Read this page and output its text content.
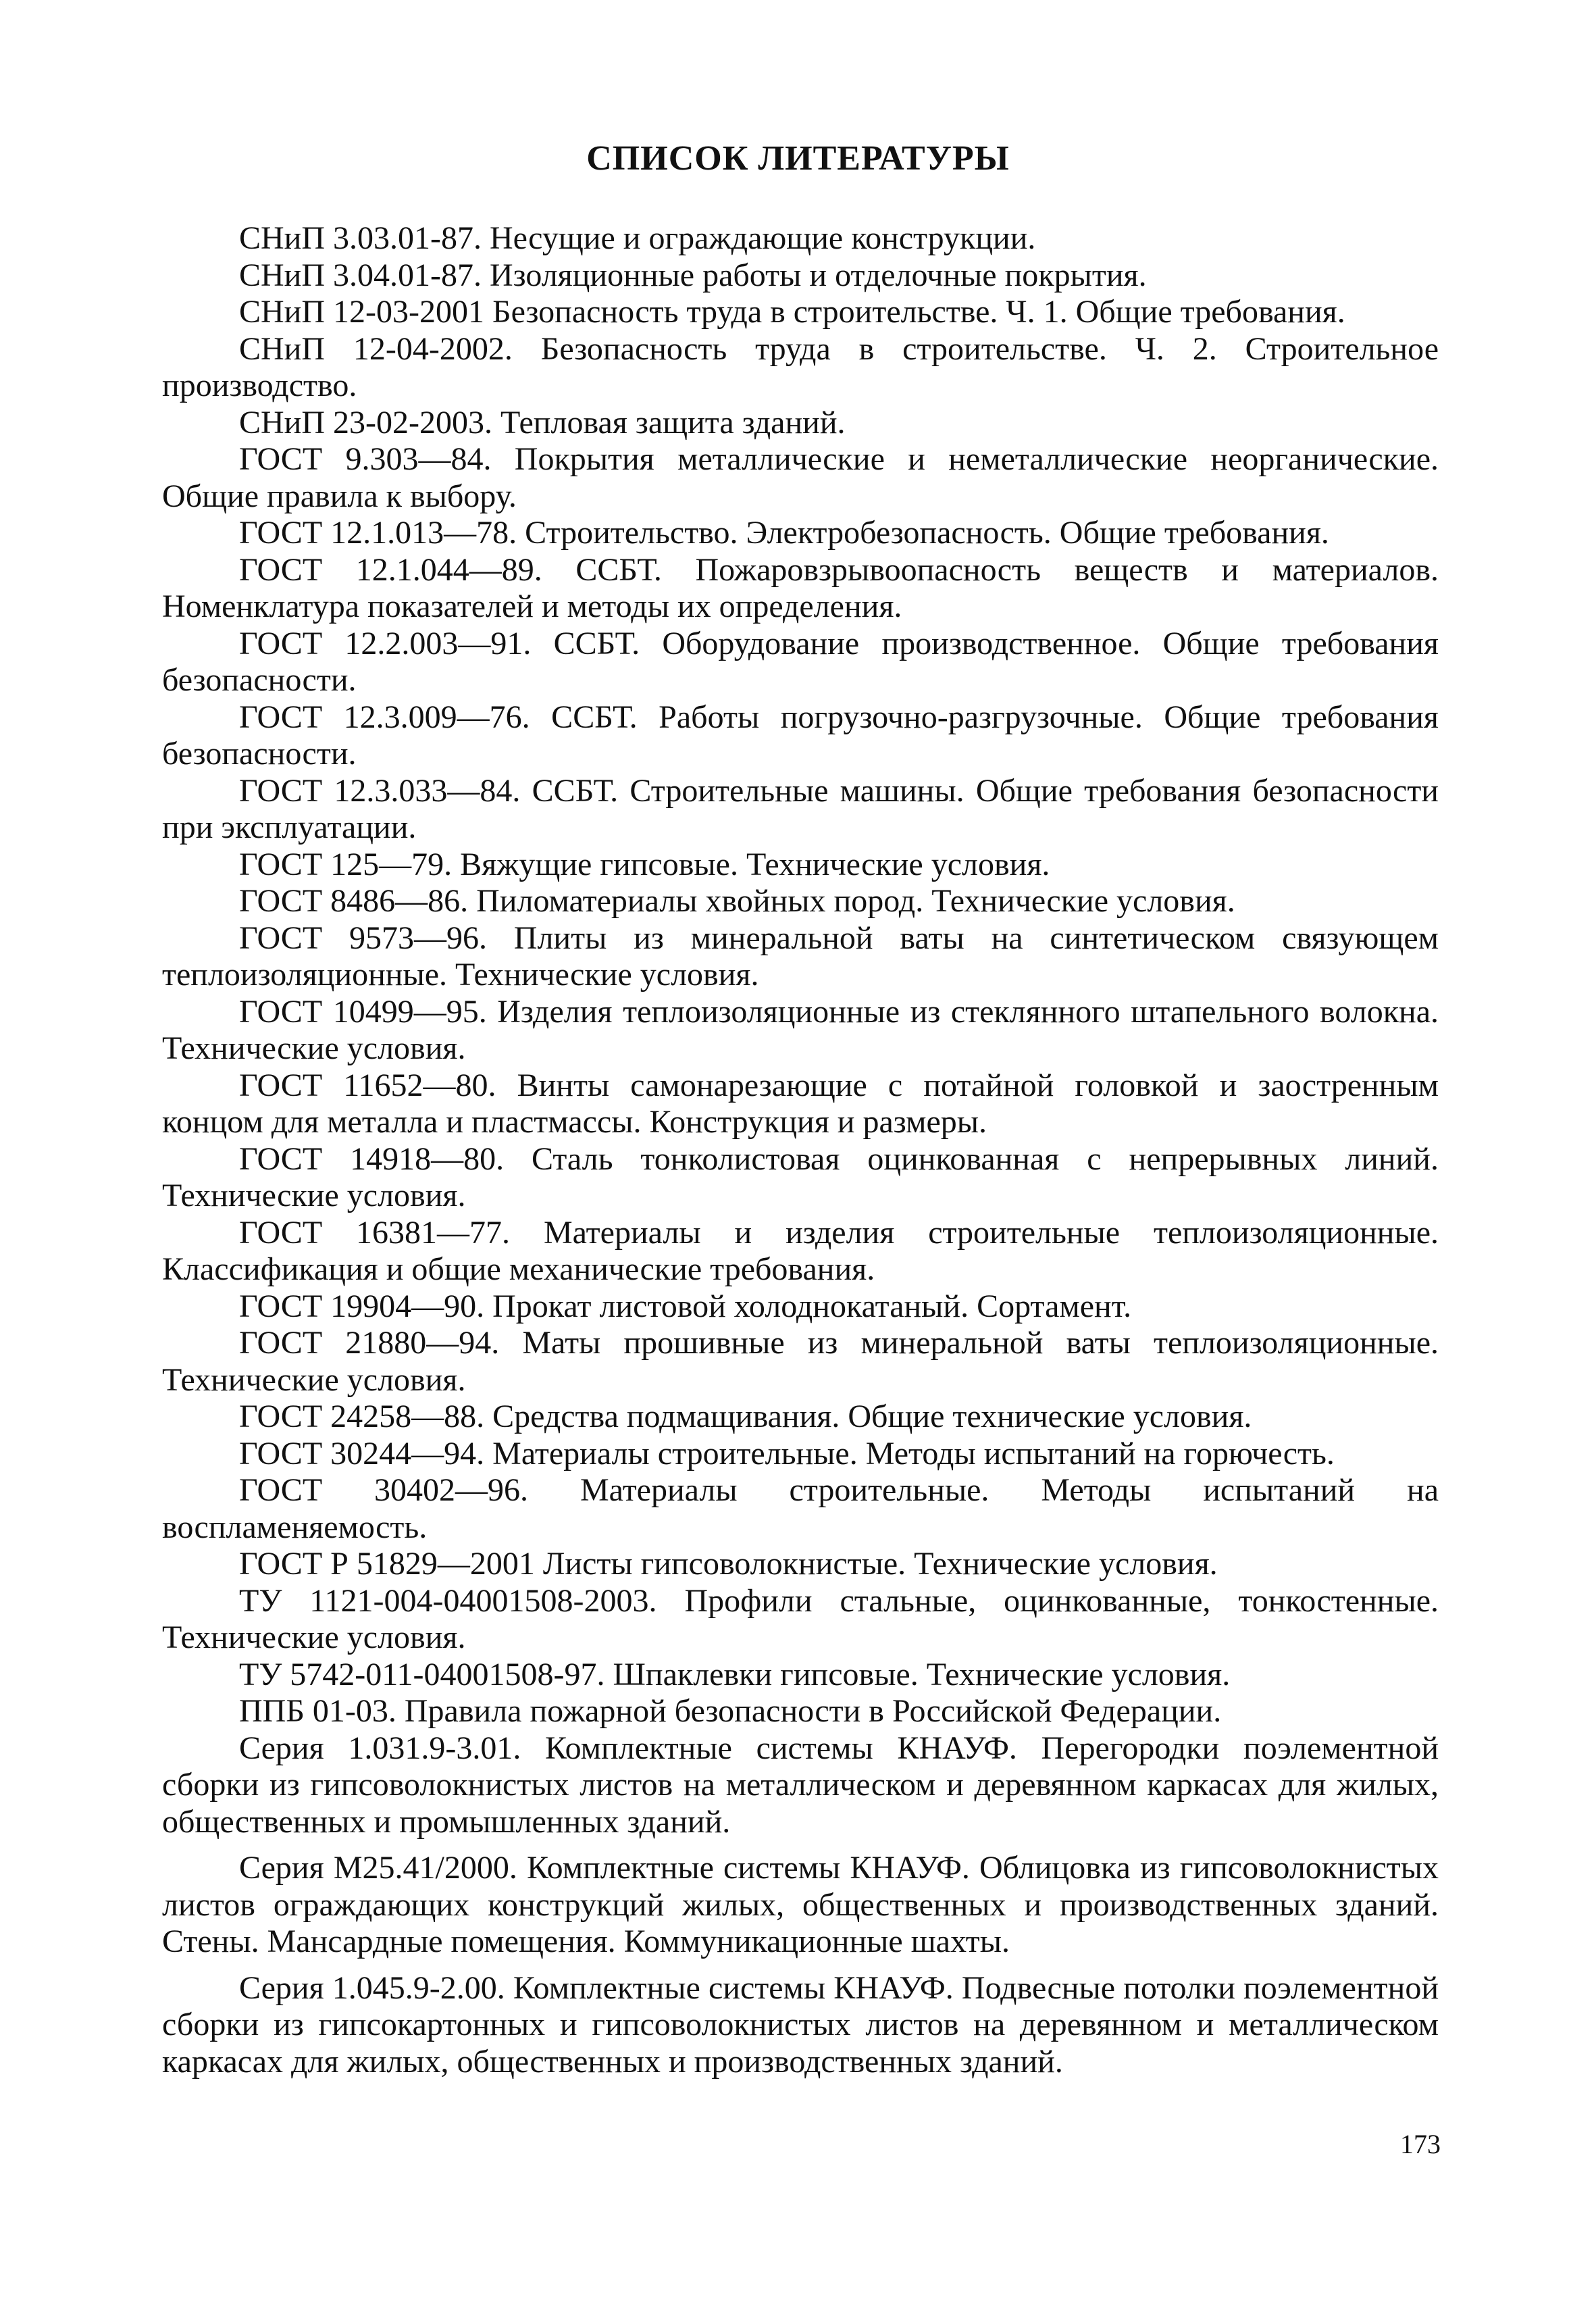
СПИСОК ЛИТЕРАТУРЫ
СНиП 3.03.01-87. Несущие и ограждающие конструкции.
СНиП 3.04.01-87. Изоляционные работы и отделочные покрытия.
СНиП 12-03-2001 Безопасность труда в строительстве. Ч. 1. Общие требования.
СНиП 12-04-2002. Безопасность труда в строительстве. Ч. 2. Строительное производство.
СНиП 23-02-2003. Тепловая защита зданий.
ГОСТ 9.303—84. Покрытия металлические и неметаллические неорганические. Общие правила к выбору.
ГОСТ 12.1.013—78. Строительство. Электробезопасность. Общие требования.
ГОСТ 12.1.044—89. ССБТ. Пожаровзрывоопасность веществ и материалов. Номенклатура показателей и методы их определения.
ГОСТ 12.2.003—91. ССБТ. Оборудование производственное. Общие требования безопасности.
ГОСТ 12.3.009—76. ССБТ. Работы погрузочно-разгрузочные. Общие требования безопасности.
ГОСТ 12.3.033—84. ССБТ. Строительные машины. Общие требования безопасности при эксплуатации.
ГОСТ 125—79. Вяжущие гипсовые. Технические условия.
ГОСТ 8486—86. Пиломатериалы хвойных пород. Технические условия.
ГОСТ 9573—96. Плиты из минеральной ваты на синтетическом связующем теплоизоляционные. Технические условия.
ГОСТ 10499—95. Изделия теплоизоляционные из стеклянного штапельного волокна. Технические условия.
ГОСТ 11652—80. Винты самонарезающие с потайной головкой и заостренным концом для металла и пластмассы. Конструкция и размеры.
ГОСТ 14918—80. Сталь тонколистовая оцинкованная с непрерывных линий. Технические условия.
ГОСТ 16381—77. Материалы и изделия строительные теплоизоляционные. Классификация и общие механические требования.
ГОСТ 19904—90. Прокат листовой холоднокатаный. Сортамент.
ГОСТ 21880—94. Маты прошивные из минеральной ваты теплоизоляционные. Технические условия.
ГОСТ 24258—88. Средства подмащивания. Общие технические условия.
ГОСТ 30244—94. Материалы строительные. Методы испытаний на горючесть.
ГОСТ 30402—96. Материалы строительные. Методы испытаний на воспламеняемость.
ГОСТ Р 51829—2001 Листы гипсоволокнистые. Технические условия.
ТУ 1121-004-04001508-2003. Профили стальные, оцинкованные, тонкостенные. Технические условия.
ТУ 5742-011-04001508-97. Шпаклевки гипсовые. Технические условия.
ППБ 01-03. Правила пожарной безопасности в Российской Федерации.
Серия 1.031.9-3.01. Комплектные системы КНАУФ. Перегородки поэлементной сборки из гипсоволокнистых листов на металлическом и деревянном каркасах для жилых, общественных и промышленных зданий.
Серия М25.41/2000. Комплектные системы КНАУФ. Облицовка из гипсоволокнистых листов ограждающих конструкций жилых, общественных и производственных зданий. Стены. Мансардные помещения. Коммуникационные шахты.
Серия 1.045.9-2.00. Комплектные системы КНАУФ. Подвесные потолки поэлементной сборки из гипсокартонных и гипсоволокнистых листов на деревянном и металлическом каркасах для жилых, общественных и производственных зданий.
173
